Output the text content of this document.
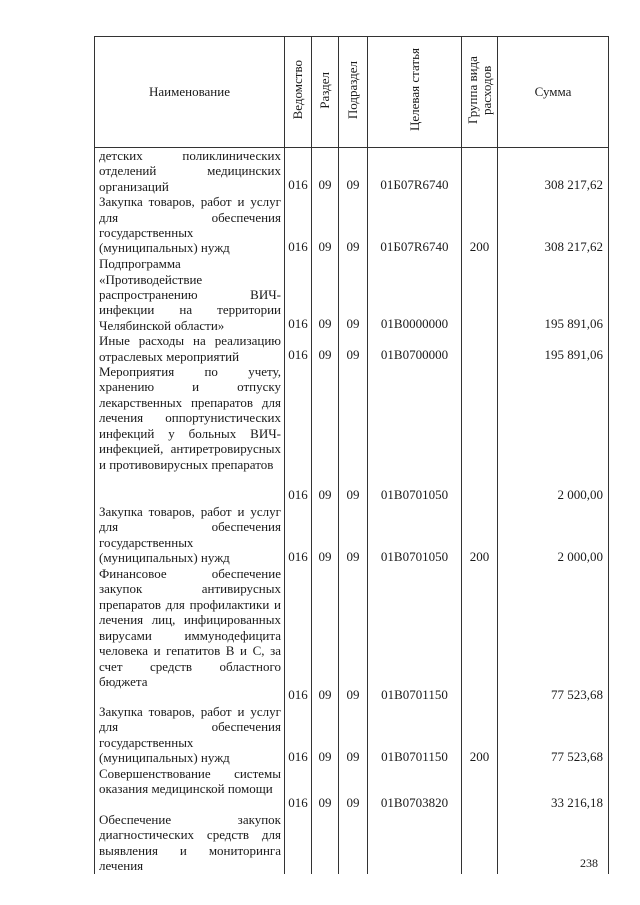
Наименование	Ведомство	Раздел	Подраздел	Целевая статья	Группа вида расходов	Сумма
детских поликлинических отделений медицинских организаций	016	09	09	01Б07R6740		308 217,62
Закупка товаров, работ и услуг для обеспечения государственных (муниципальных) нужд	016	09	09	01Б07R6740	200	308 217,62
Подпрограмма «Противодействие распространению ВИЧ-инфекции на территории Челябинской области»	016	09	09	01В0000000		195 891,06
Иные расходы на реализацию отраслевых мероприятий	016	09	09	01В0700000		195 891,06
Мероприятия по учету, хранению и отпуску лекарственных препаратов для лечения оппортунистических инфекций у больных ВИЧ-инфекцией, антиретровирусных и противовирусных препаратов	016	09	09	01В0701050		2 000,00
Закупка товаров, работ и услуг для обеспечения государственных (муниципальных) нужд	016	09	09	01В0701050	200	2 000,00
Финансовое обеспечение закупок антивирусных препаратов для профилактики и лечения лиц, инфицированных вирусами иммунодефицита человека и гепатитов В и С, за счет средств областного бюджета	016	09	09	01В0701150		77 523,68
Закупка товаров, работ и услуг для обеспечения государственных (муниципальных) нужд	016	09	09	01В0701150	200	77 523,68
Совершенствование системы оказания медицинской помощи	016	09	09	01В0703820		33 216,18
Обеспечение закупок диагностических средств для выявления и мониторинга лечения							238
